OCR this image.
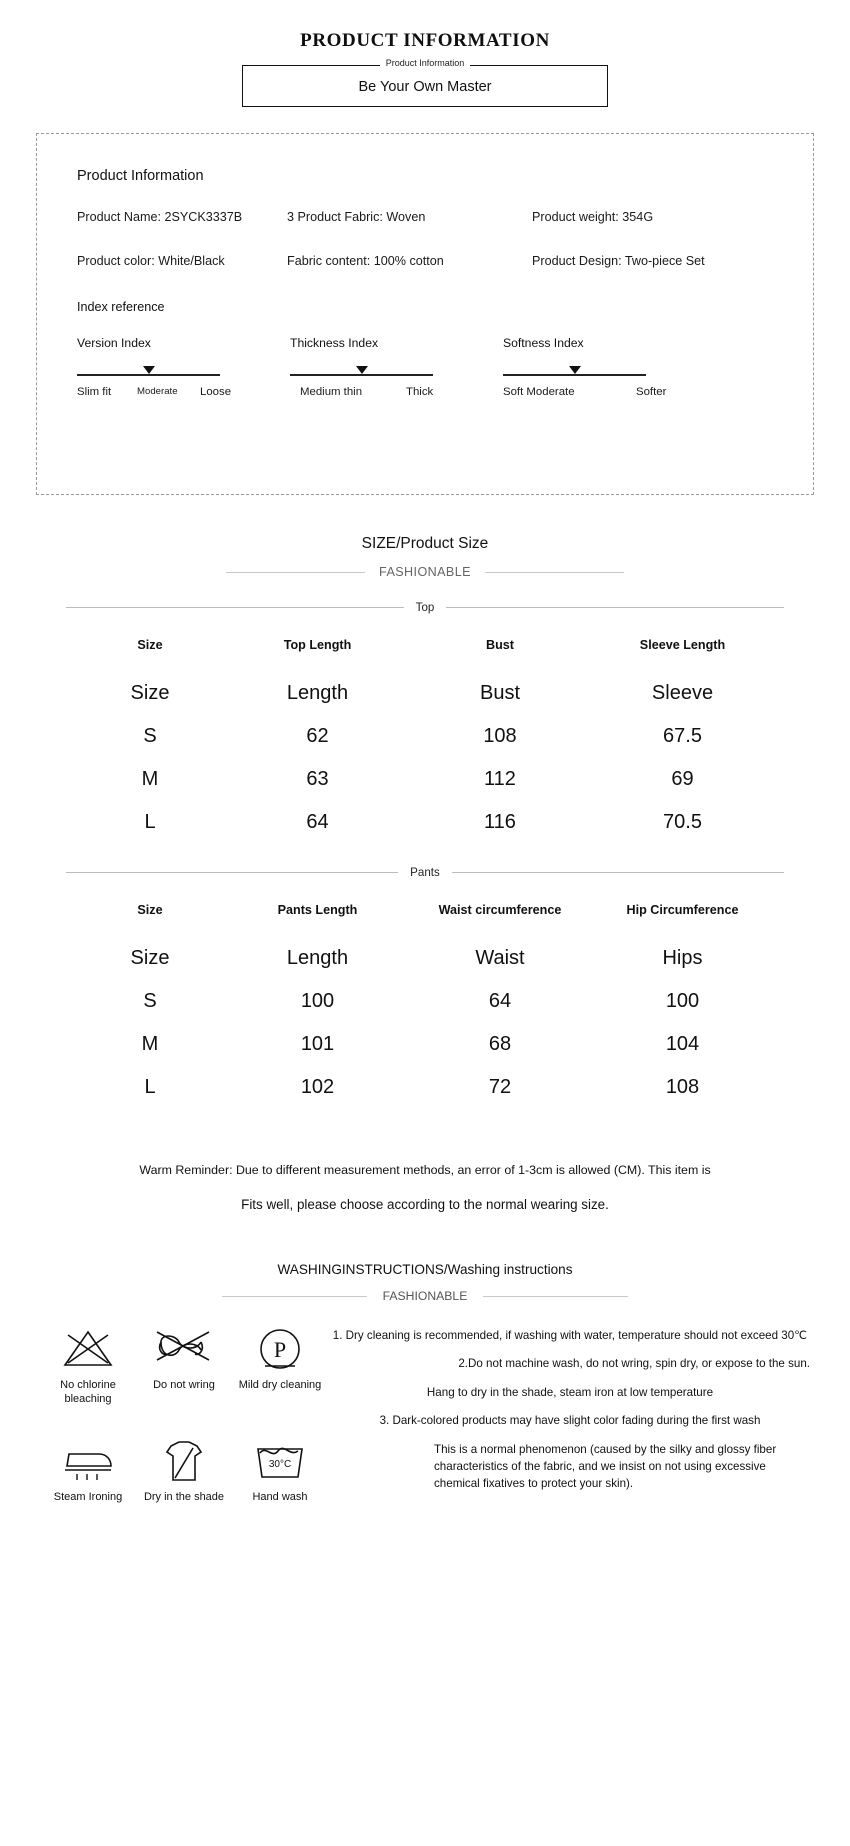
PRODUCT INFORMATION
Product Information
Be Your Own Master
Product Information
Product Name: 2SYCK3337B	3 Product Fabric: Woven	Product weight: 354G
Product color: White/Black	Fabric content: 100% cotton	Product Design: Two-piece Set
Index reference
Version Index
Slim fit	Moderate Loose
Thickness Index
Medium thin	Thick
Softness Index
Soft Moderate	Softer
SIZE/Product Size
FASHIONABLE
Top
Size	Top Length	Bust	Sleeve Length
Size	Length	Bust	Sleeve
S	62	108	67.5
M	63	112	69
L	64	116	70.5
Pants
Size	Pants Length	Waist circumference	Hip Circumference
Size	Length	Waist	Hips
S	100	64	100
M	101	68	104
L	102	72	108
Warm Reminder: Due to different measurement methods, an error of 1-3cm is allowed (CM). This item is
Fits well, please choose according to the normal wearing size.
WASHINGINSTRUCTIONS/Washing instructions
FASHIONABLE
No chlorine bleaching
Do not wring
P
Mild dry cleaning
Steam Ironing	Dry in the shade
30°C
Hand wash

1. Dry cleaning is recommended, if washing with water, temperature should not exceed 30℃

2.Do not machine wash, do not wring, spin dry, or expose to the sun.

Hang to dry in the shade, steam iron at low temperature

3. Dark-colored products may have slight color fading during the first wash

This is a normal phenomenon (caused by the silky and glossy fiber characteristics of the fabric, and we insist on not using excessive chemical fixatives to protect your skin).
